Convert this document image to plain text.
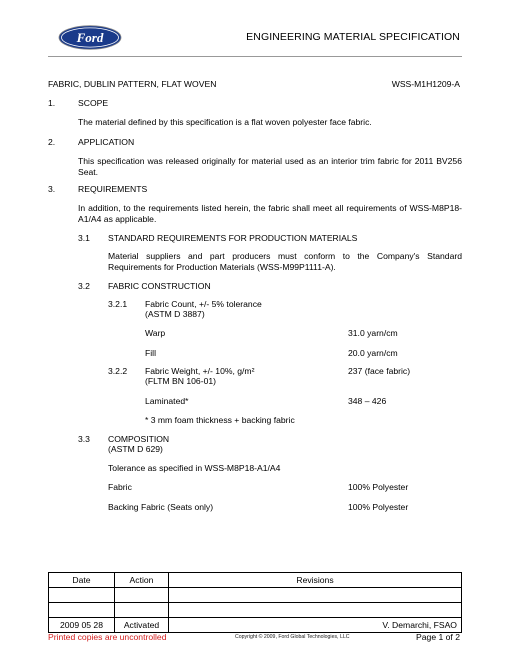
Ford	ENGINEERING MATERIAL SPECIFICATION
FABRIC, DUBLIN PATTERN, FLAT WOVEN	WSS-M1H1209-A
1.	SCOPE
The material defined by this specification is a flat woven polyester face fabric.
2.	APPLICATION
This specification was released originally for material used as an interior trim fabric for 2011 BV256 Seat.
3.	REQUIREMENTS
In addition, to the requirements listed herein, the fabric shall meet all requirements of WSS-M8P18-A1/A4 as applicable.
3.1 STANDARD REQUIREMENTS FOR PRODUCTION MATERIALS
Material suppliers and part producers must conform to the Company's Standard Requirements for Production Materials (WSS-M99P1111-A).
3.2 FABRIC CONSTRUCTION
3.2.1 Fabric Count, +/- 5% tolerance
(ASTM D 3887)
Warp	31.0 yarn/cm
Fill	20.0 yarn/cm
3.2.2 Fabric Weight, +/- 10%, g/m²	237 (face fabric)
(FLTM BN 106-01)
Laminated*	348 – 426
* 3 mm foam thickness + backing fabric
3.3 COMPOSITION
(ASTM D 629)
Tolerance as specified in WSS-M8P18-A1/A4
Fabric	100% Polyester
Backing Fabric (Seats only)	100% Polyester
Date	Action	Revisions

2009 05 28	Activated	V. Demarchi, FSAO
Printed copies are uncontrolled	Copyright © 2009, Ford Global Technologies, LLC	Page 1 of 2
